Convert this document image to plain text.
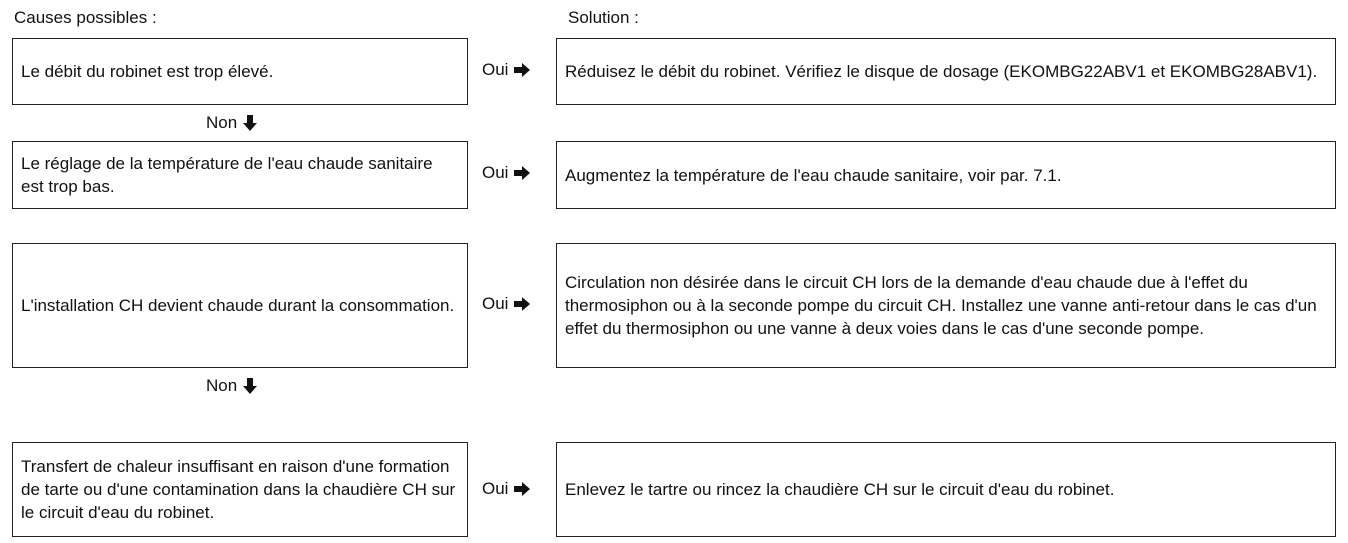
Causes possibles :	Solution :
Le débit du robinet est trop élevé.	Oui	Réduisez le débit du robinet. Vérifiez le disque de dosage (EKOMBG22ABV1 et EKOMBG28ABV1).
Non
Le réglage de la température de l'eau chaude sanitaire est trop bas.
Oui	Augmentez la température de l'eau chaude sanitaire, voir par. 7.1.
L'installation CH devient chaude durant la consommation. Oui
Circulation non désirée dans le circuit CH lors de la demande d'eau chaude due à l'effet du thermosiphon ou à la seconde pompe du circuit CH. Installez une vanne anti-retour dans le cas d'un effet du thermosiphon ou une vanne à deux voies dans le cas d'une seconde pompe.
Non
Transfert de chaleur insuffisant en raison d'une formation de tarte ou d'une contamination dans la chaudière CH sur le circuit d'eau du robinet.
Oui	Enlevez le tartre ou rincez la chaudière CH sur le circuit d'eau du robinet.
